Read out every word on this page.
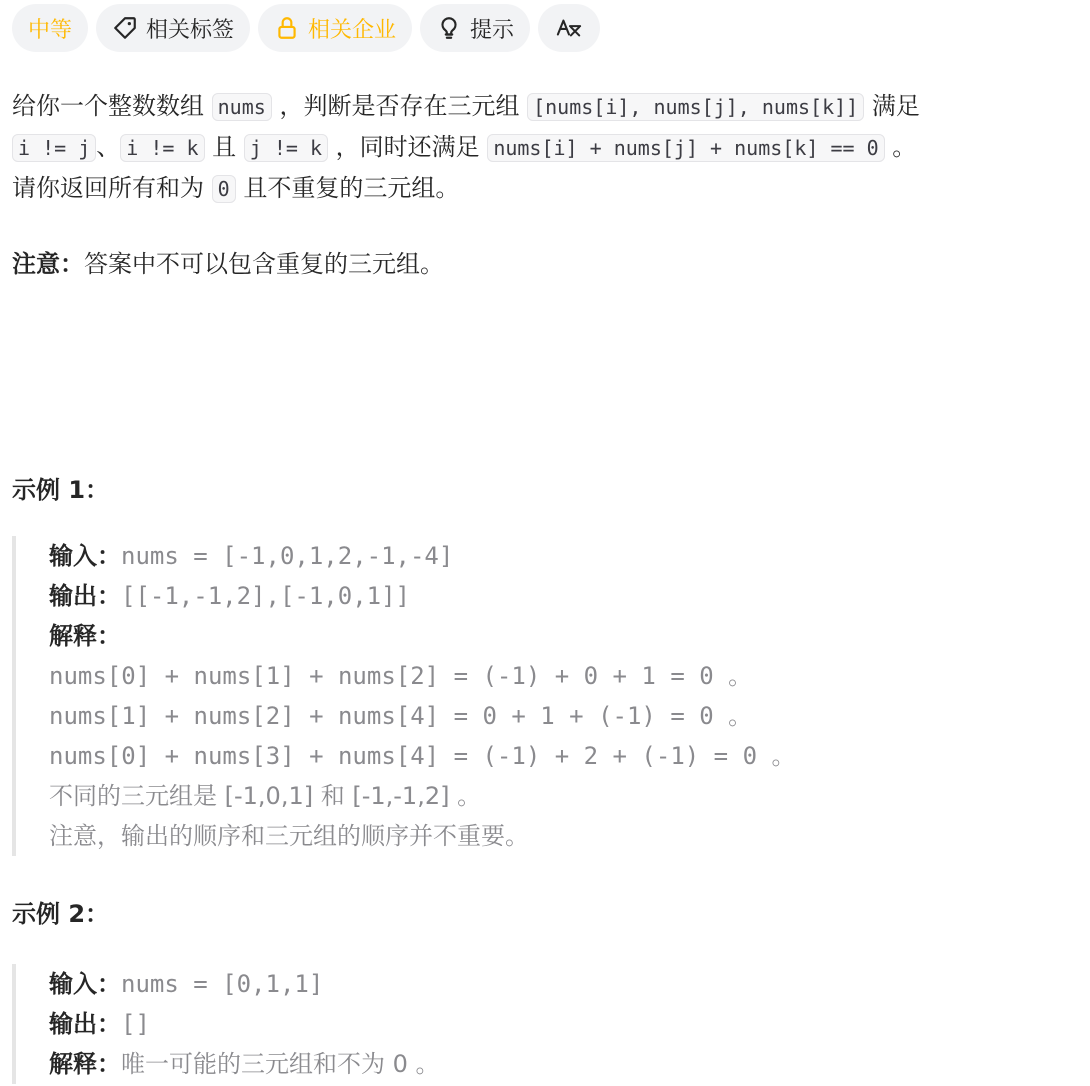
中等	相关标签	相关企业	提示

给你一个整数数组 nums ，判断是否存在三元组 [nums[i], nums[j], nums[k]] 满足

i != j 、 i != k 且 j != k ，同时还满足 nums[i] + nums[j] + nums[k] == 0 。

请你返回所有和为 0 且不重复的三元组。

注意：答案中不可以包含重复的三元组。

示例 1：

输入：nums = [-1,0,1,2,-1,-4]
输出：[[-1,-1,2],[-1,0,1]]
解释：
nums[0] + nums[1] + nums[2] = (-1) + 0 + 1 = 0 。
nums[1] + nums[2] + nums[4] = 0 + 1 + (-1) = 0 。
nums[0] + nums[3] + nums[4] = (-1) + 2 + (-1) = 0 。
不同的三元组是 [-1,0,1] 和 [-1,-1,2] 。
注意，输出的顺序和三元组的顺序并不重要。

示例 2：

输入：nums = [0,1,1]
输出：[]
解释：唯一可能的三元组和不为 0 。
